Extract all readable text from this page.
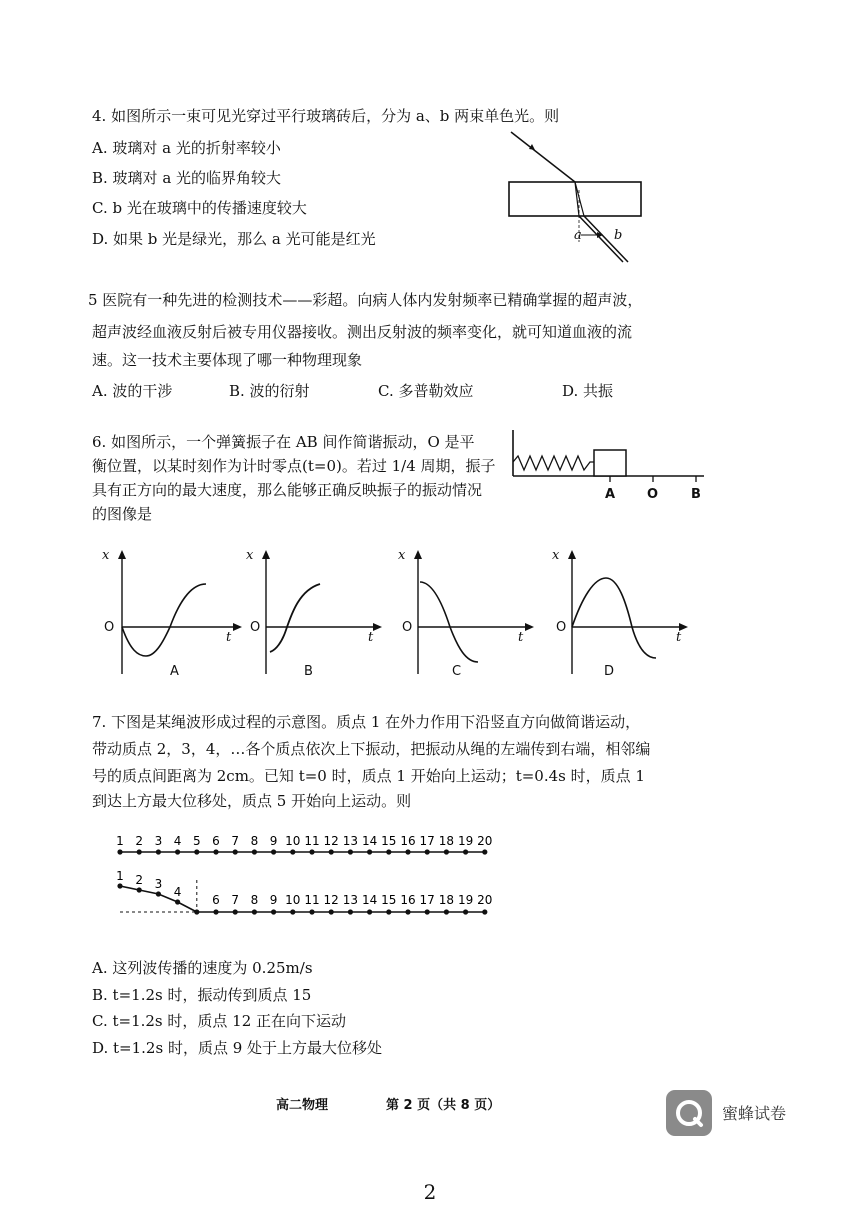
4. 如图所示一束可见光穿过平行玻璃砖后，分为 a、b 两束单色光。则
A. 玻璃对 a 光的折射率较小
B. 玻璃对 a 光的临界角较大
C. b 光在玻璃中的传播速度较大
D. 如果 b 光是绿光，那么 a 光可能是红光	a b
5 医院有一种先进的检测技术——彩超。向病人体内发射频率已精确掌握的超声波，
超声波经血液反射后被专用仪器接收。测出反射波的频率变化，就可知道血液的流
速。这一技术主要体现了哪一种物理现象
A. 波的干涉	B. 波的衍射	C. 多普勒效应	D. 共振
6. 如图所示，一个弹簧振子在 AB 间作简谐振动，O 是平
衡位置，以某时刻作为计时零点(t=0)。若过 1/4 周期，振子
具有正方向的最大速度，那么能够正确反映振子的振动情况
的图像是
A O	B
x
t
O
A
x
t
O
B
x
t
O
C
x
t
O
D
7. 下图是某绳波形成过程的示意图。质点 1 在外力作用下沿竖直方向做简谐运动，
带动质点 2，3，4，…各个质点依次上下振动，把振动从绳的左端传到右端，相邻编
号的质点间距离为 2cm。已知 t=0 时，质点 1 开始向上运动；t=0.4s 时，质点 1
到达上方最大位移处，质点 5 开始向上运动。则
1 2 3 4 5 6 7 8 9 10 11 12 13 14 15 16 17 18 19 20
1 2 3
4
6 7 8 9 10 11 12 13 14 15 16 17 18 19 20
A. 这列波传播的速度为 0.25m/s
B. t=1.2s 时，振动传到质点 15
C. t=1.2s 时，质点 12 正在向下运动
D. t=1.2s 时，质点 9 处于上方最大位移处
高二物理	第 2 页（共 8 页）	蜜蜂试卷
2
